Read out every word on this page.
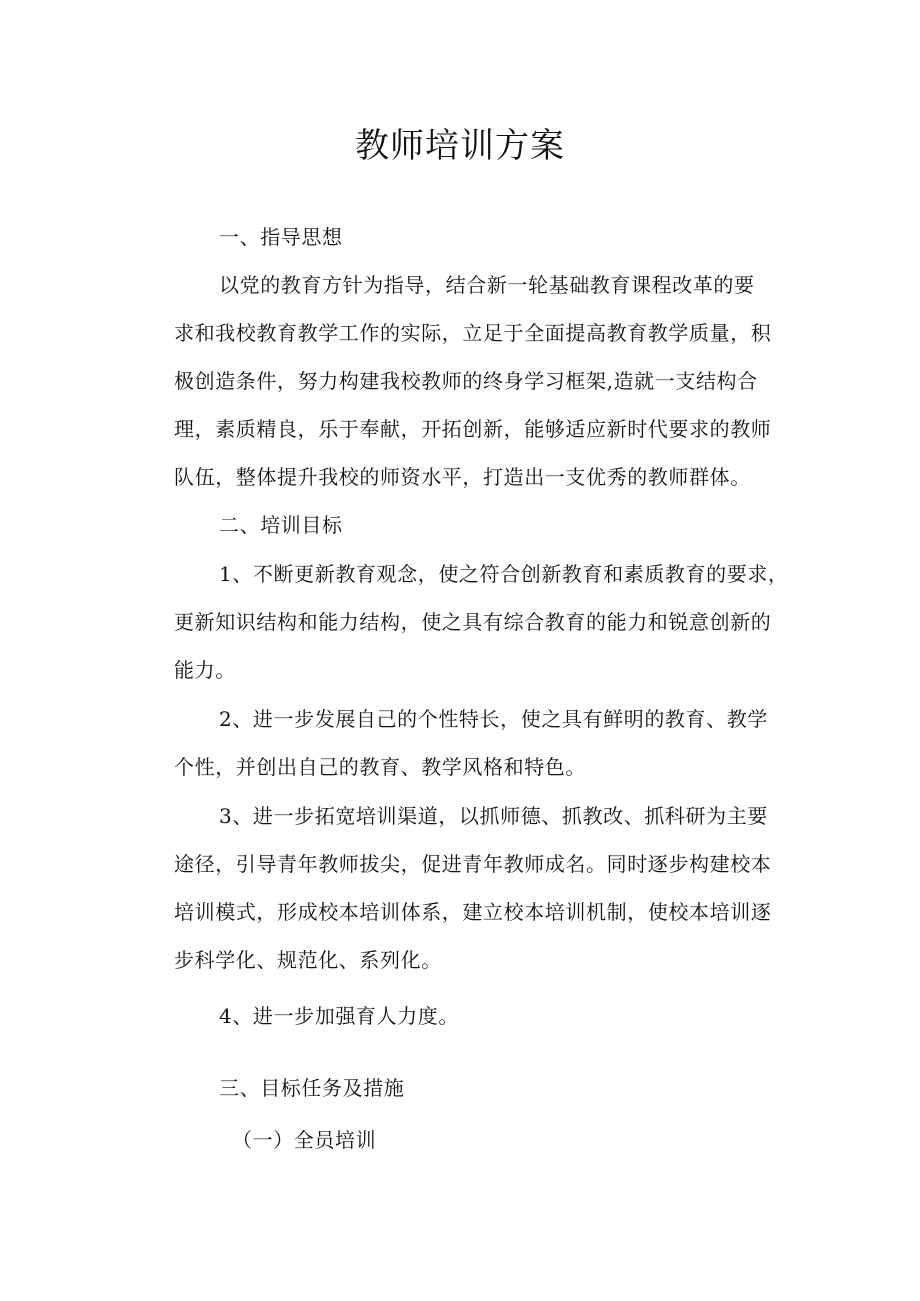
教师培训方案
一、指导思想
以党的教育方针为指导，结合新一轮基础教育课程改革的要
求和我校教育教学工作的实际，立足于全面提高教育教学质量，积
极创造条件，努力构建我校教师的终身学习框架,造就一支结构合
理，素质精良，乐于奉献，开拓创新，能够适应新时代要求的教师
队伍，整体提升我校的师资水平，打造出一支优秀的教师群体。
二、培训目标
1、不断更新教育观念，使之符合创新教育和素质教育的要求，
更新知识结构和能力结构，使之具有综合教育的能力和锐意创新的
能力。
2、进一步发展自己的个性特长，使之具有鲜明的教育、教学
个性，并创出自己的教育、教学风格和特色。
3、进一步拓宽培训渠道，以抓师德、抓教改、抓科研为主要
途径，引导青年教师拔尖，促进青年教师成名。同时逐步构建校本
培训模式，形成校本培训体系，建立校本培训机制，使校本培训逐
步科学化、规范化、系列化。
4、进一步加强育人力度。
三、目标任务及措施
（一）全员培训
